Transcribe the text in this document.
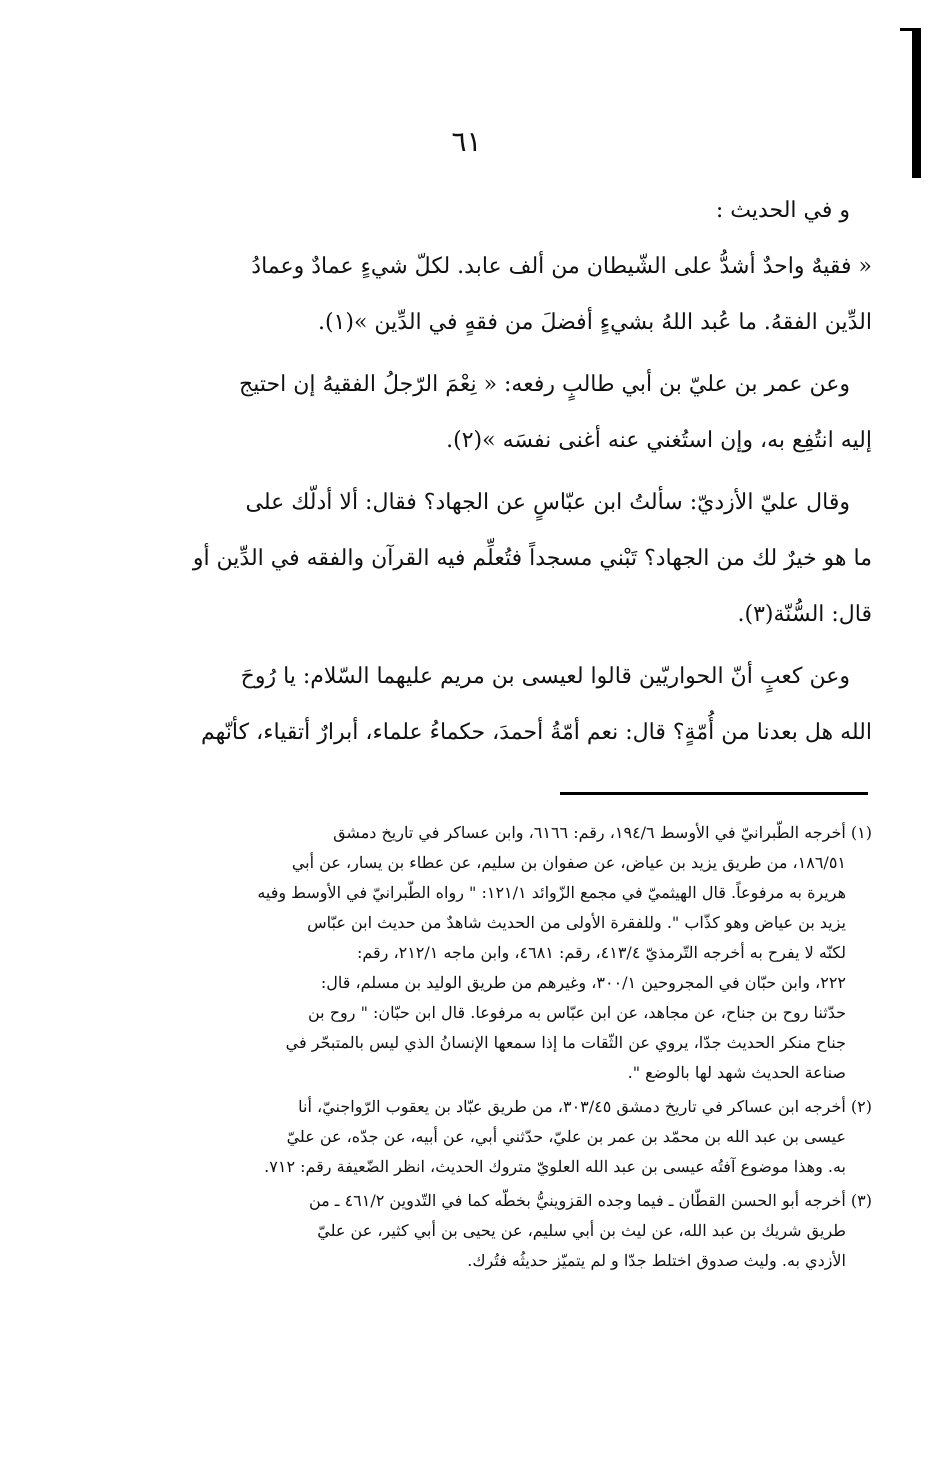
٦١
و في الحديث :
« فقيهٌ واحدٌ أشدُّ على الشّيطان من ألف عابد. لكلّ شيءٍ عمادٌ وعمادُ
الدِّين الفقهُ. ما عُبد اللهُ بشيءٍ أفضلَ من فقهٍ في الدِّين »(١).
وعن عمر بن عليّ بن أبي طالبٍ رفعه: « نِعْمَ الرّجلُ الفقيهُ إن احتيج
إليه انتُفِع به، وإن استُغني عنه أغنى نفسَه »(٢).
وقال عليّ الأزديّ: سألتُ ابن عبّاسٍ عن الجهاد؟ فقال: ألا أدلّك على
ما هو خيرٌ لك من الجهاد؟ تَبْني مسجداً فتُعلِّم فيه القرآن والفقه في الدِّين أو
قال: السُّنّة(٣).
وعن كعبٍ أنّ الحواريّين قالوا لعيسى بن مريم عليهما السّلام: يا رُوحَ
الله هل بعدنا من أُمّةٍ؟ قال: نعم أمّةُ أحمدَ، حكماءُ علماء، أبرارٌ أتقياء، كأنّهم
(١) أخرجه الطّبرانيّ في الأوسط ١٩٤/٦، رقم: ٦١٦٦، وابن عساكر في تاريخ دمشق
١٨٦/٥١، من طريق يزيد بن عياض، عن صفوان بن سليم، عن عطاء بن يسار، عن أبي
هريرة به مرفوعاً. قال الهيثميّ في مجمع الزّوائد ١٢١/١: " رواه الطّبرانيّ في الأوسط وفيه
يزيد بن عياض وهو كذّاب ". وللفقرة الأولى من الحديث شاهدٌ من حديث ابن عبّاس
لكنّه لا يفرح به أخرجه التّرمذيّ ٤١٣/٤، رقم: ٤٦٨١، وابن ماجه ٢١٢/١، رقم:
٢٢٢، وابن حبّان في المجروحين ٣٠٠/١، وغيرهم من طريق الوليد بن مسلم، قال:
حدّثنا روح بن جناح، عن مجاهد، عن ابن عبّاس به مرفوعا. قال ابن حبّان: " روح بن
جناح منكر الحديث جدّا، يروي عن الثّقات ما إذا سمعها الإنسانُ الذي ليس بالمتبحّر في
صناعة الحديث شهد لها بالوضع ".
(٢) أخرجه ابن عساكر في تاريخ دمشق ٣٠٣/٤٥، من طريق عبّاد بن يعقوب الرّواجنيّ، أنا
عيسى بن عبد الله بن محمّد بن عمر بن عليّ، حدّثني أبي، عن أبيه، عن جدّه، عن عليّ
به. وهذا موضوع آفتُه عيسى بن عبد الله العلويّ متروك الحديث، انظر الضّعيفة رقم: ٧١٢.
(٣) أخرجه أبو الحسن القطّان ـ فيما وجده القزوينيُّ بخطّه كما في التّدوين ٤٦١/٢ ـ من
طريق شريك بن عبد الله، عن ليث بن أبي سليم، عن يحيى بن أبي كثير، عن عليّ
الأزدي به. وليث صدوق اختلط جدّا و لم يتميّز حديثُه فتُرك.
